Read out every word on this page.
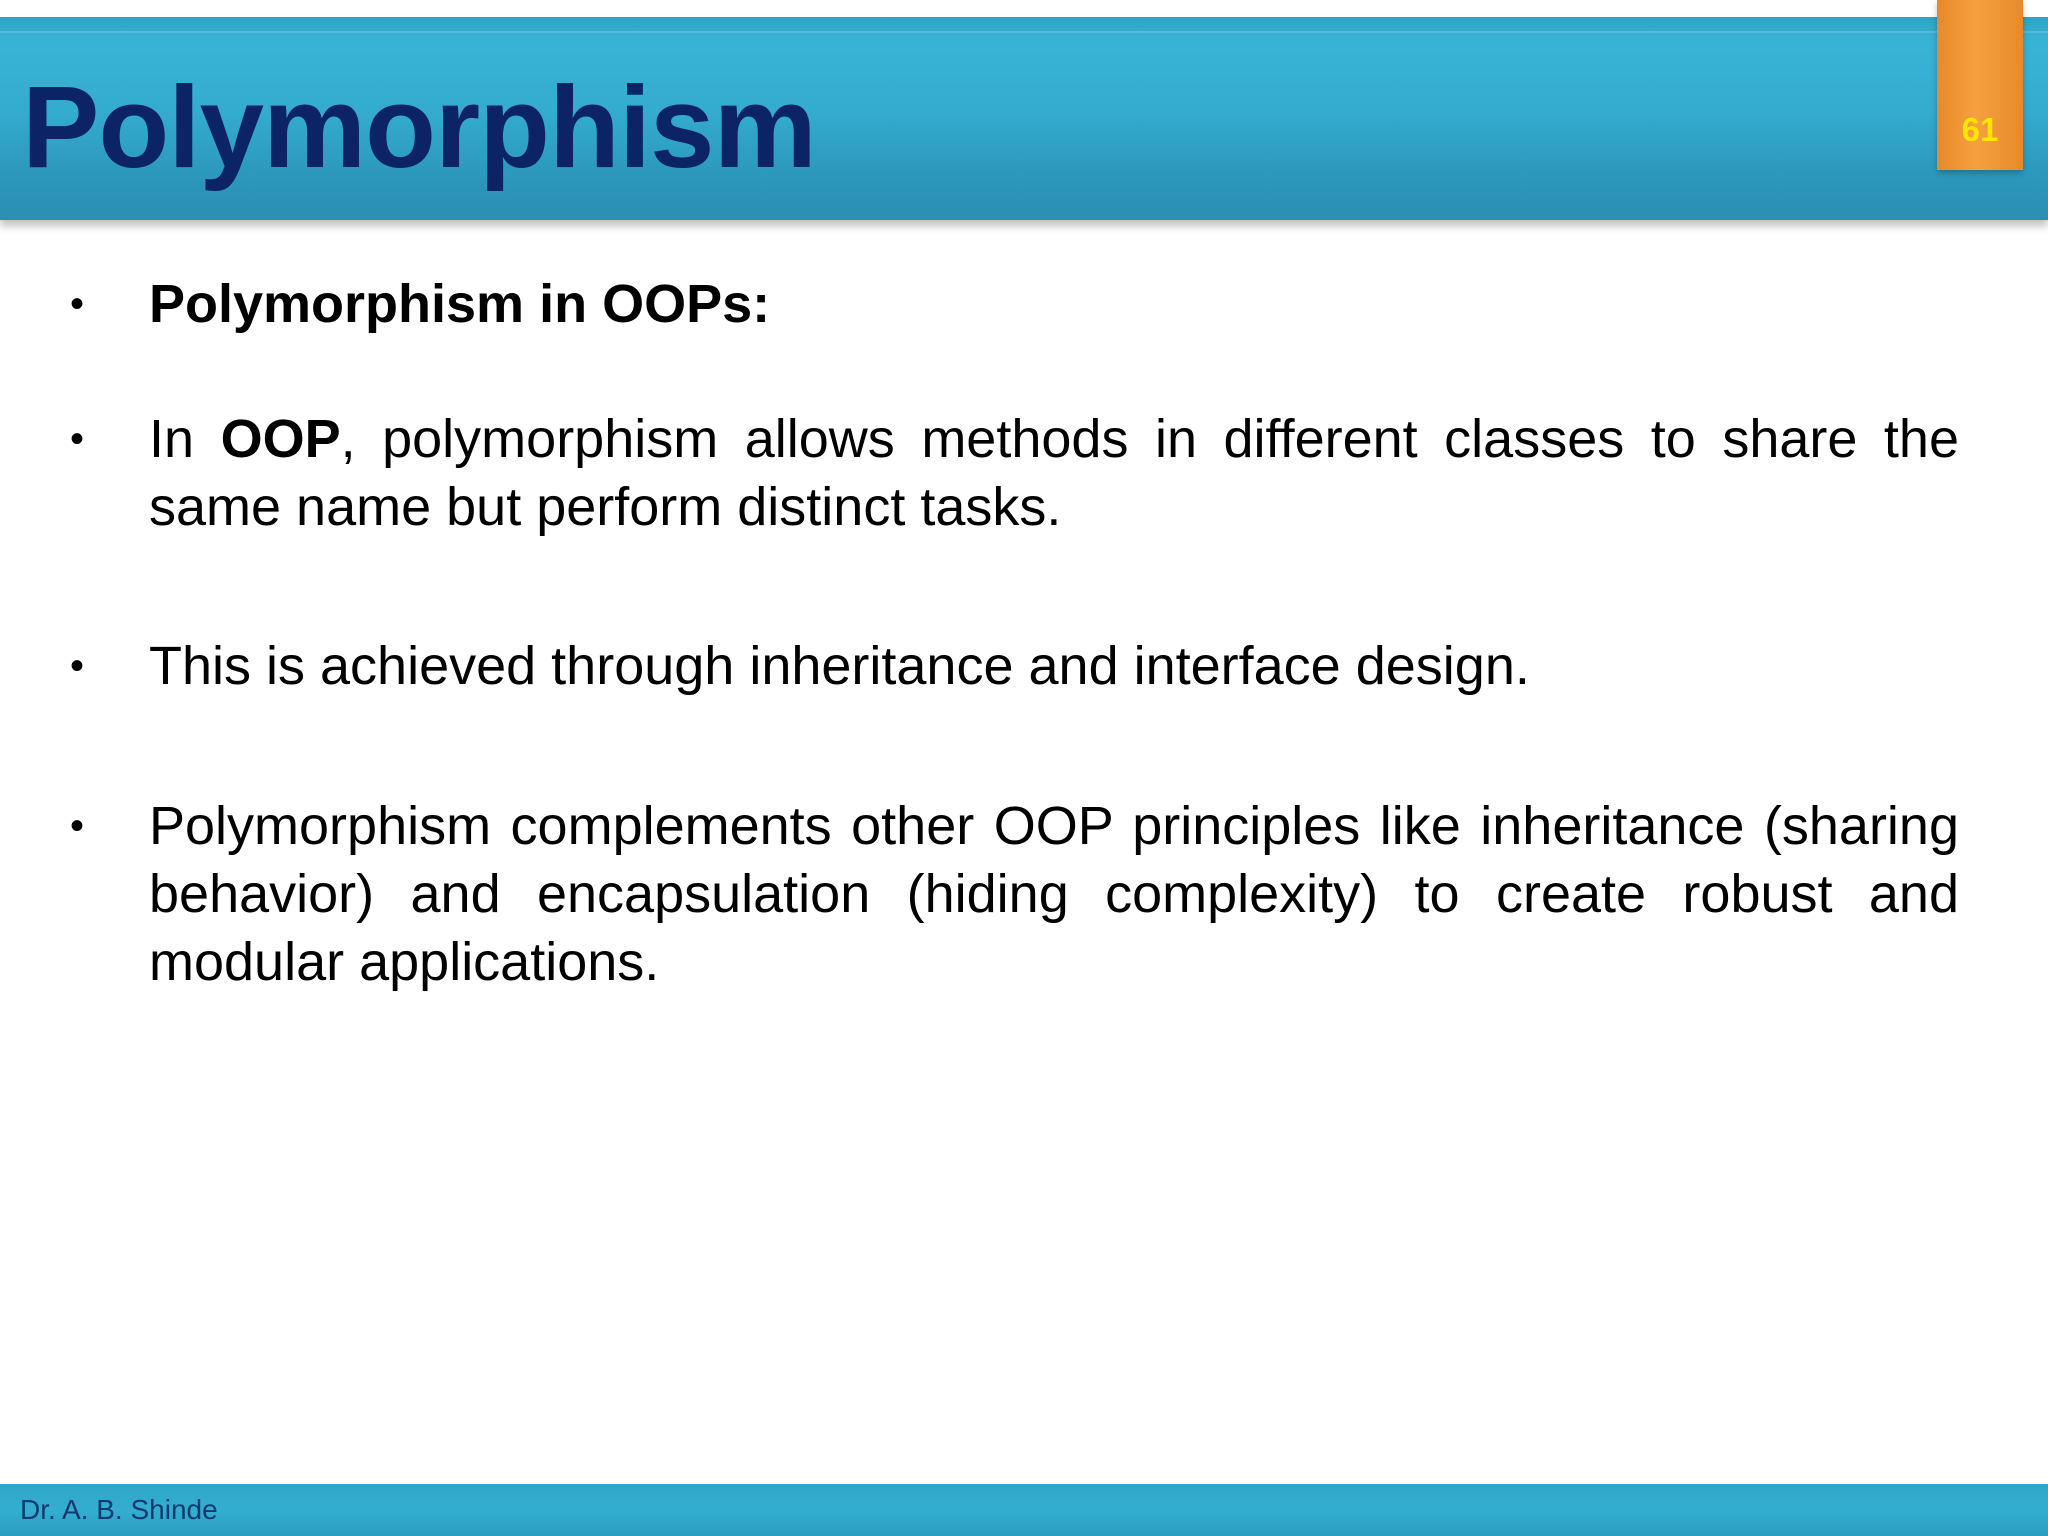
Polymorphism	61
•	Polymorphism in OOPs:
•	In OOP, polymorphism allows methods in different classes to share the same name but perform distinct tasks.
•	This is achieved through inheritance and interface design.
•	Polymorphism complements other OOP principles like inheritance (sharing behavior) and encapsulation (hiding complexity) to create robust and modular applications.
Dr. A. B. Shinde
